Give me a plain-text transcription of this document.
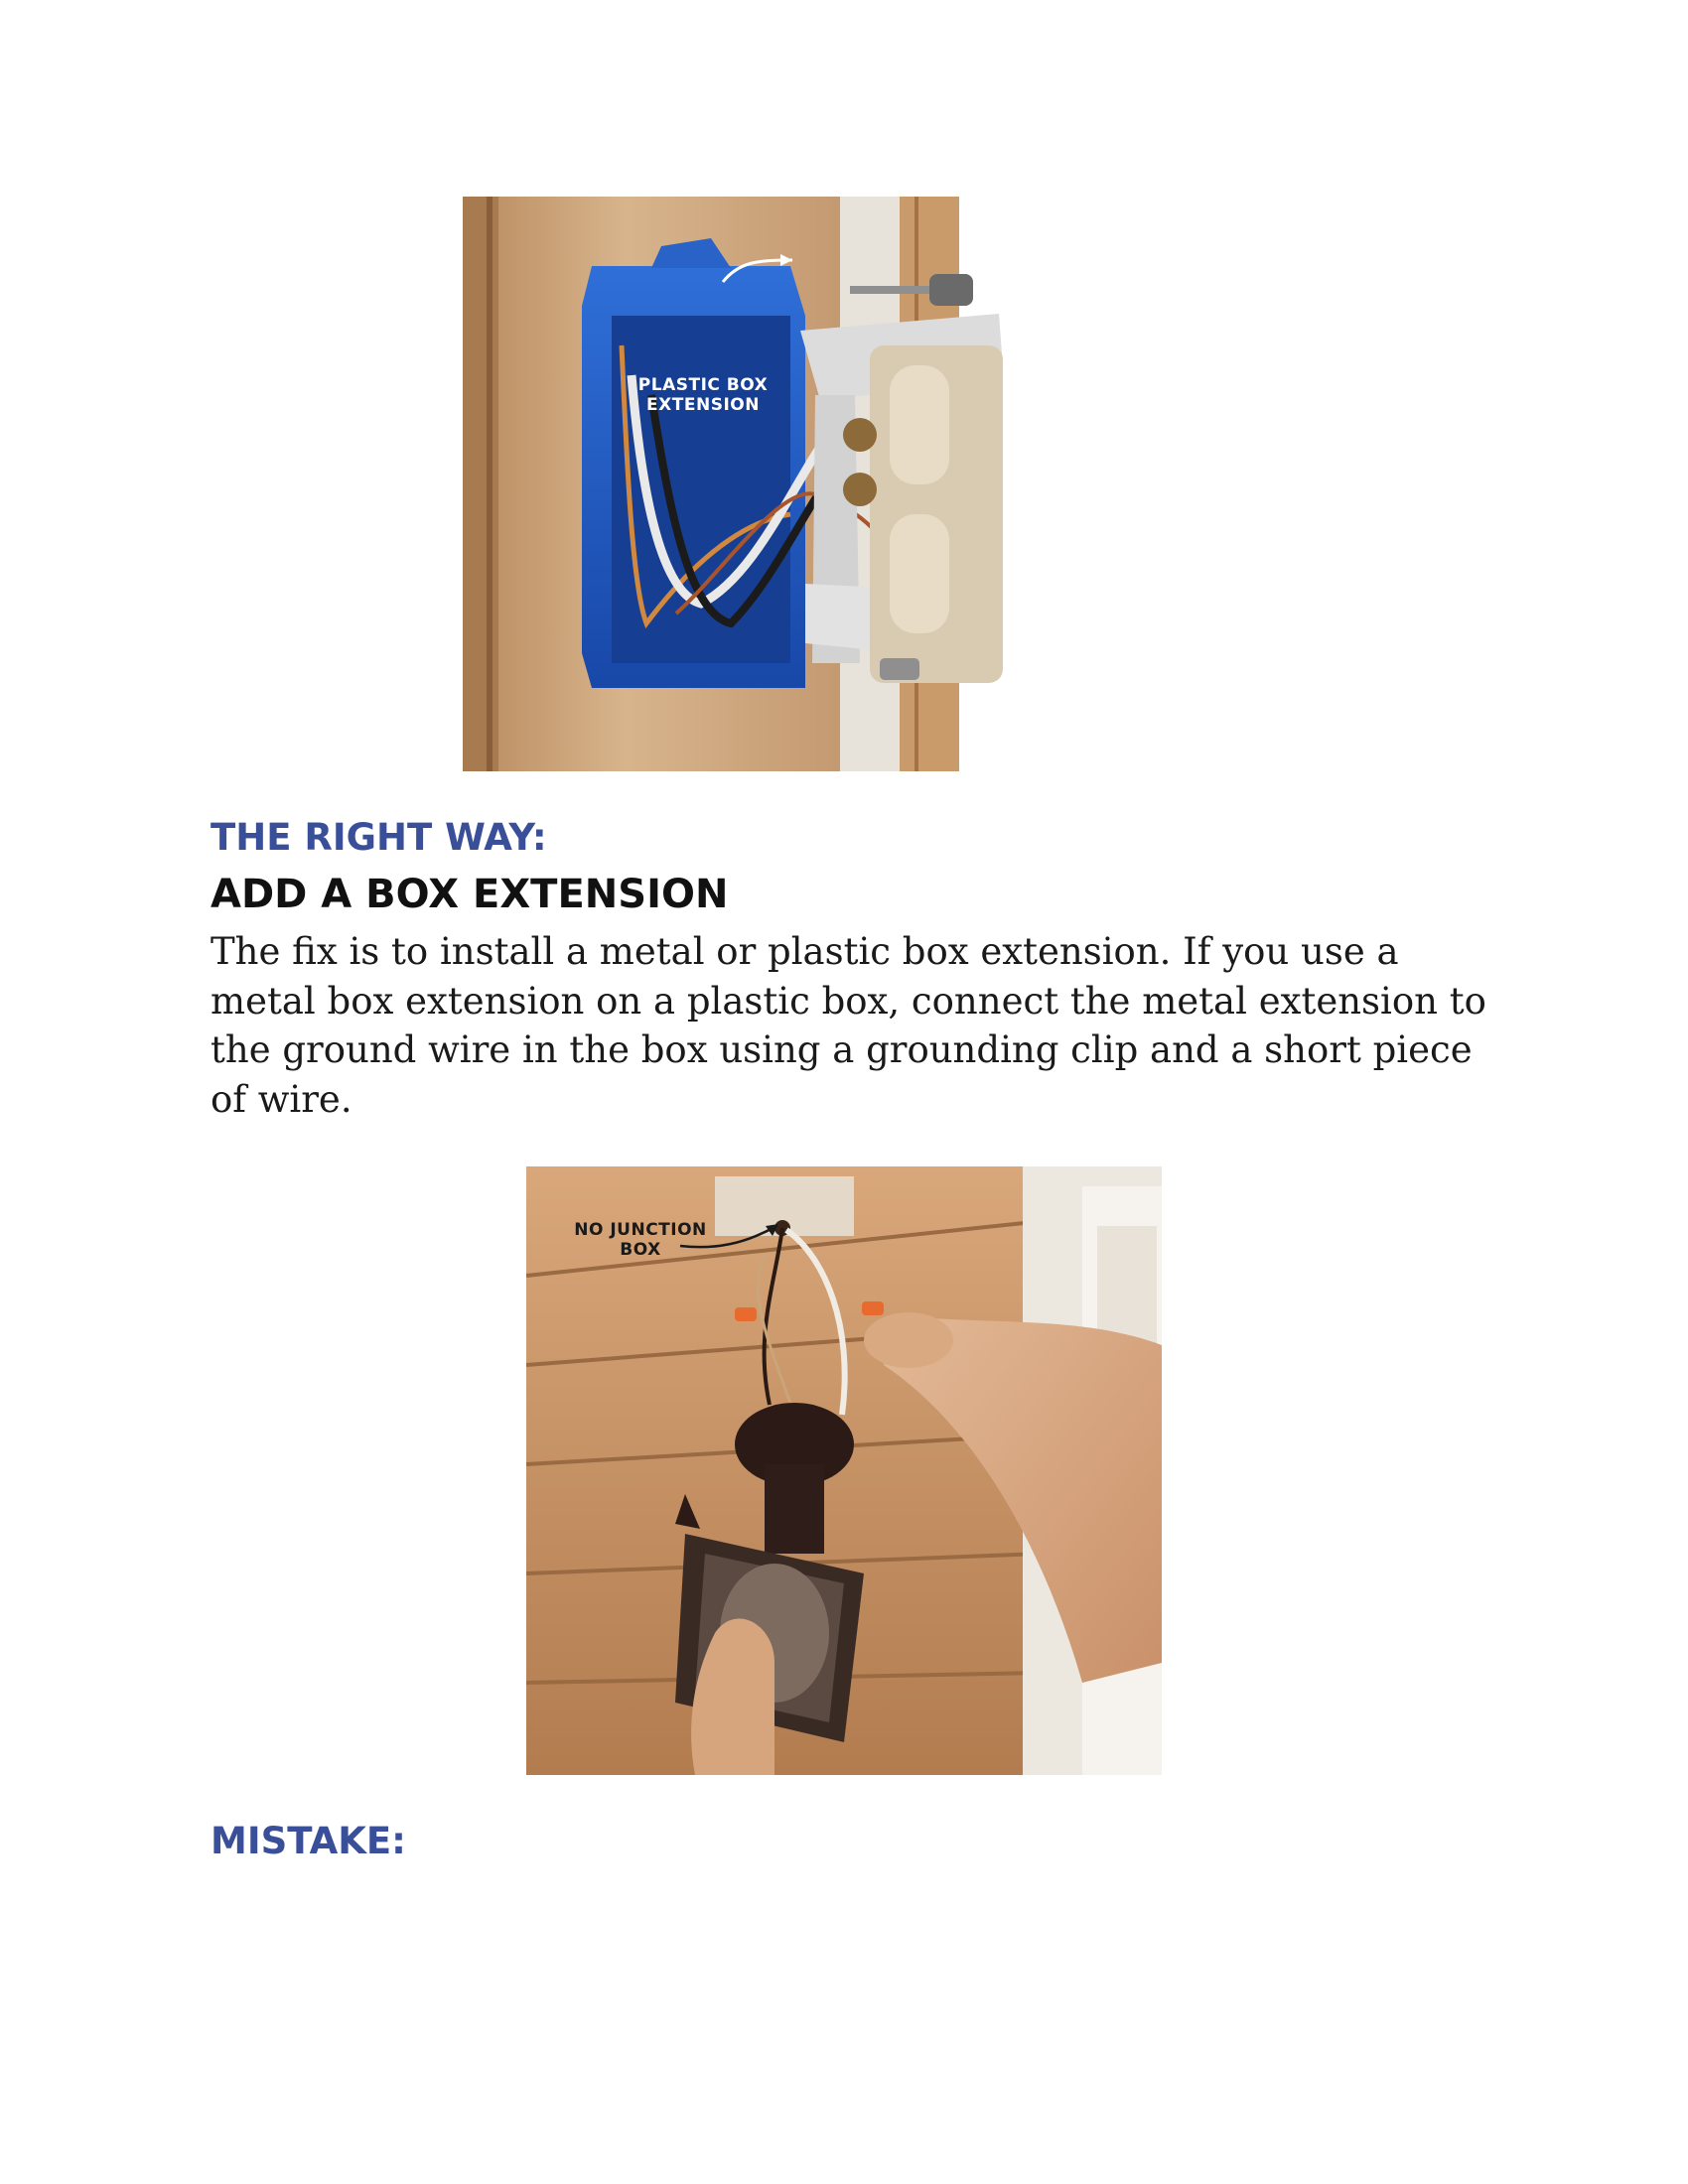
PLASTIC BOX
EXTENSION
THE RIGHT WAY:
ADD A BOX EXTENSION

The fix is to install a metal or plastic box extension. If you use a metal box extension on a plastic box, connect the metal extension to the ground wire in the box using a grounding clip and a short piece of wire.

NO JUNCTION
BOX
MISTAKE:
